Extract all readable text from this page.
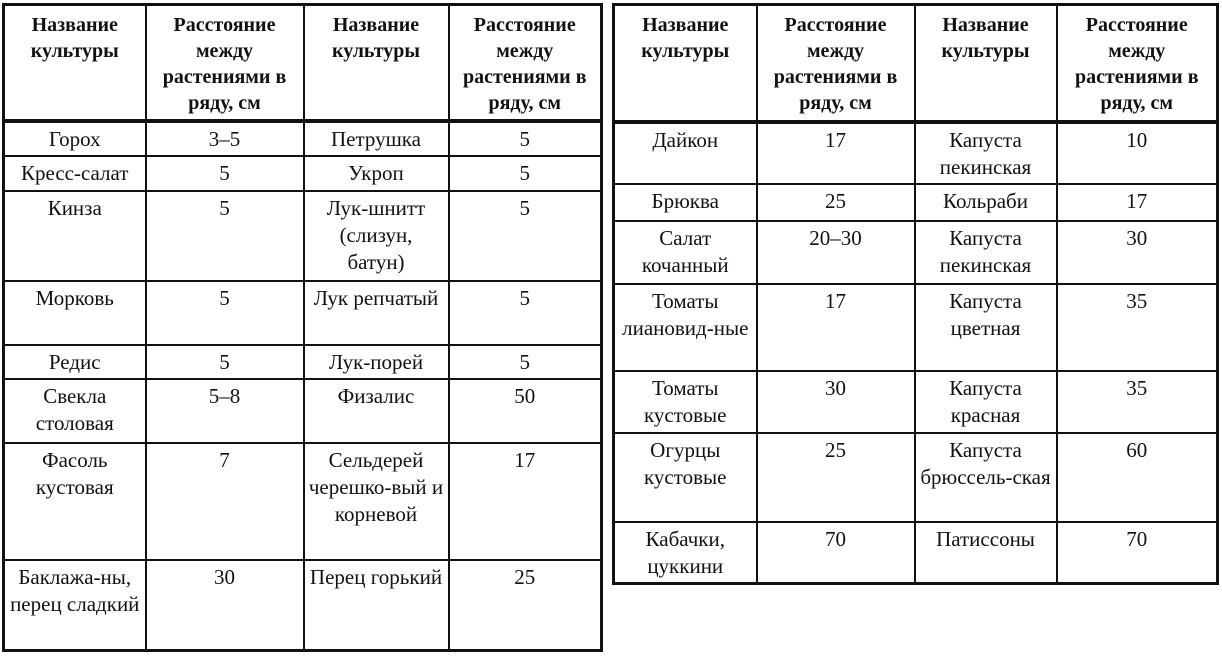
Название культуры	Расстояние между растениями в ряду, см	Название культуры	Расстояние между растениями в ряду, см
Горох	3–5	Петрушка	5
Кресс-салат	5	Укроп	5
Кинза	5	Лук-шнитт (слизун, батун)	5
Морковь	5	Лук репчатый	5
Редис	5	Лук-порей	5
Свекла столовая	5–8	Физалис	50
Фасоль кустовая	7	Сельдерей черешко-вый и корневой	17
Баклажа-ны, перец сладкий	30	Перец горький	25
Название культуры	Расстояние между растениями в ряду, см	Название культуры	Расстояние между растениями в ряду, см
Дайкон	17	Капуста пекинская	10
Брюква	25	Кольраби	17
Салат кочанный	20–30	Капуста пекинская	30
Томаты лиановид-ные	17	Капуста цветная	35
Томаты кустовые	30	Капуста красная	35
Огурцы кустовые	25	Капуста брюссель-ская	60
Кабачки, цуккини	70	Патиссоны	70
